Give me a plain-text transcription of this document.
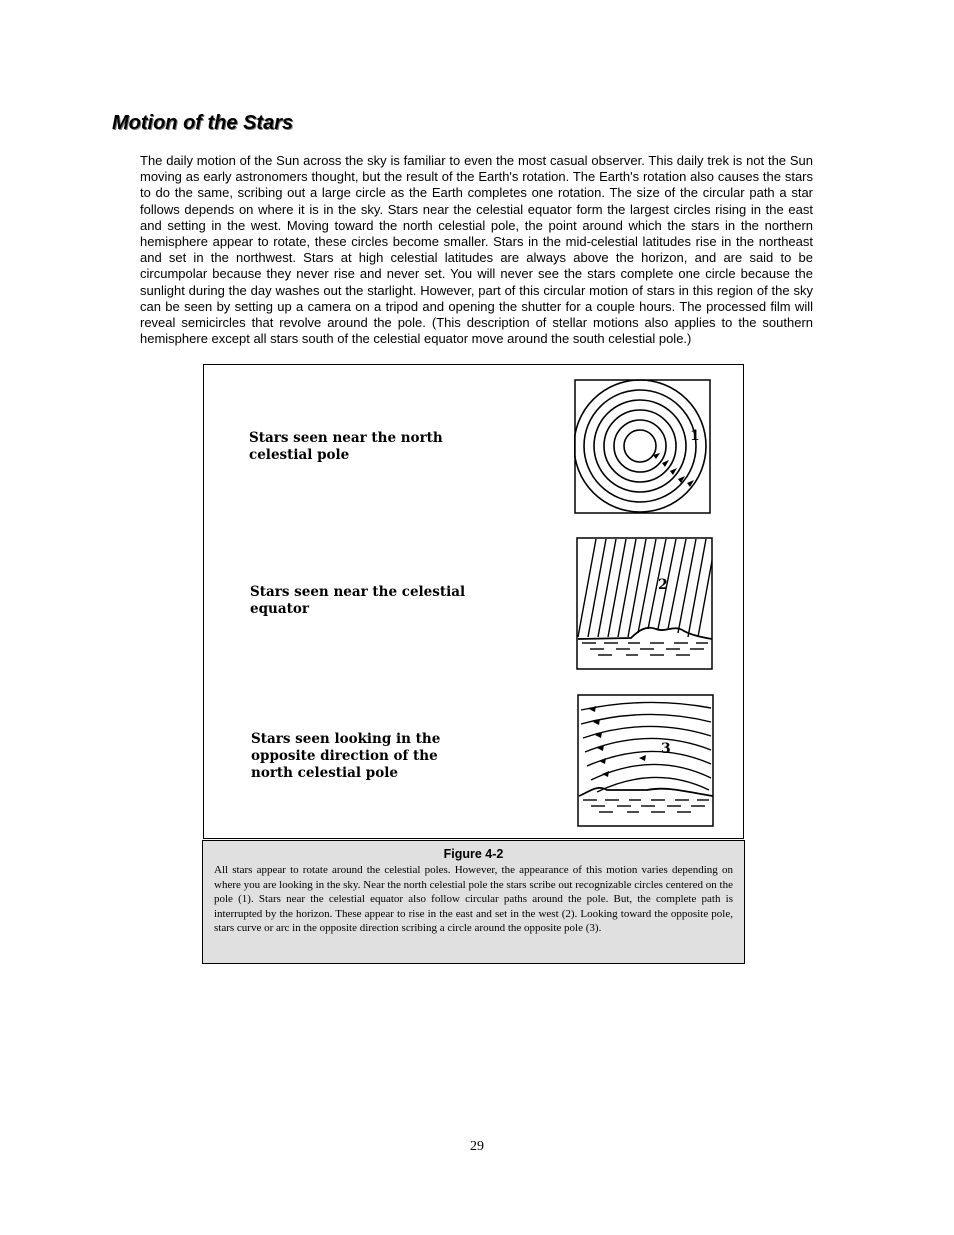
Motion of the Stars

The daily motion of the Sun across the sky is familiar to even the most casual observer. This daily trek is not the Sun moving as early astronomers thought, but the result of the Earth's rotation. The Earth's rotation also causes the stars to do the same, scribing out a large circle as the Earth completes one rotation. The size of the circular path a star follows depends on where it is in the sky. Stars near the celestial equator form the largest circles rising in the east and setting in the west. Moving toward the north celestial pole, the point around which the stars in the northern hemisphere appear to rotate, these circles become smaller. Stars in the mid-celestial latitudes rise in the northeast and set in the northwest. Stars at high celestial latitudes are always above the horizon, and are said to be circumpolar because they never rise and never set. You will never see the stars complete one circle because the sunlight during the day washes out the starlight. However, part of this circular motion of stars in this region of the sky can be seen by setting up a camera on a tripod and opening the shutter for a couple hours. The processed film will reveal semicircles that revolve around the pole. (This description of stellar motions also applies to the southern hemisphere except all stars south of the celestial equator move around the south celestial pole.)

Stars seen near the north
celestial pole

Stars seen near the celestial
equator

Stars seen looking in the
opposite direction of the
north celestial pole

1
2
3

Figure 4-2

All stars appear to rotate around the celestial poles. However, the appearance of this motion varies depending on where you are looking in the sky. Near the north celestial pole the stars scribe out recognizable circles centered on the pole (1). Stars near the celestial equator also follow circular paths around the pole. But, the complete path is interrupted by the horizon. These appear to rise in the east and set in the west (2). Looking toward the opposite pole, stars curve or arc in the opposite direction scribing a circle around the opposite pole (3).

29
